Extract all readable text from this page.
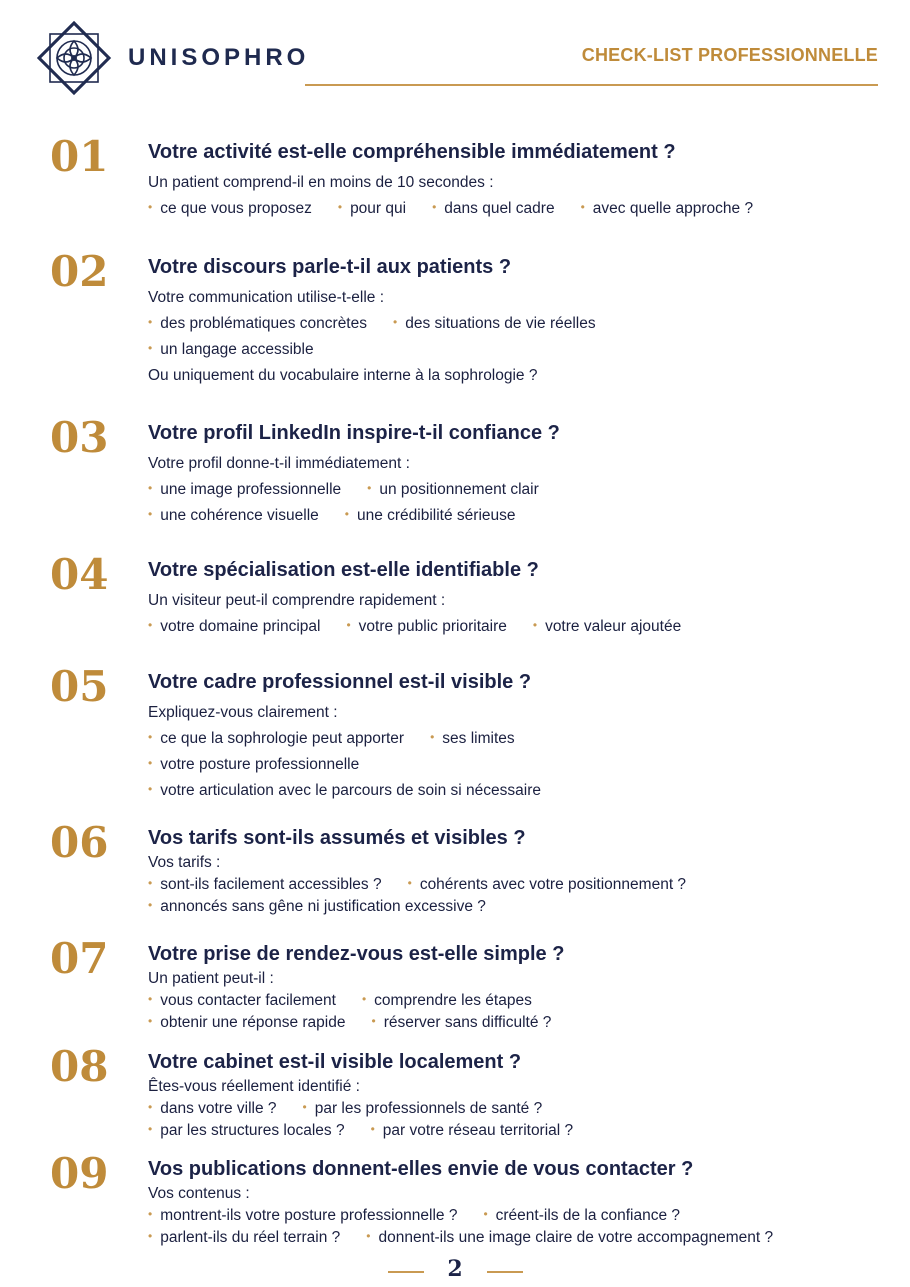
UNISOPHRO	CHECK-LIST PROFESSIONNELLE
01 Votre activité est-elle compréhensible immédiatement ?

Un patient comprend-il en moins de 10 secondes :

• ce que vous proposez • pour qui • dans quel cadre • avec quelle approche ?
02 Votre discours parle-t-il aux patients ?

Votre communication utilise-t-elle :

• des problématiques concrètes • des situations de vie réelles
• un langage accessible

Ou uniquement du vocabulaire interne à la sophrologie ?

03 Votre profil LinkedIn inspire-t-il confiance ?

Votre profil donne-t-il immédiatement :

• une image professionnelle • un positionnement clair
• une cohérence visuelle • une crédibilité sérieuse
04 Votre spécialisation est-elle identifiable ?

Un visiteur peut-il comprendre rapidement :

• votre domaine principal • votre public prioritaire • votre valeur ajoutée
05 Votre cadre professionnel est-il visible ?

Expliquez-vous clairement :

• ce que la sophrologie peut apporter • ses limites
• votre posture professionnelle
• votre articulation avec le parcours de soin si nécessaire
06 Vos tarifs sont-ils assumés et visibles ?

Vos tarifs :

• sont-ils facilement accessibles ? • cohérents avec votre positionnement ?
• annoncés sans gêne ni justification excessive ?
07 Votre prise de rendez-vous est-elle simple ?

Un patient peut-il :

• vous contacter facilement • comprendre les étapes
• obtenir une réponse rapide • réserver sans difficulté ?
08 Votre cabinet est-il visible localement ?

Êtes-vous réellement identifié :

• dans votre ville ? • par les professionnels de santé ?
• par les structures locales ? • par votre réseau territorial ?
09 Vos publications donnent-elles envie de vous contacter ?

Vos contenus :

• montrent-ils votre posture professionnelle ? • créent-ils de la confiance ?
• parlent-ils du réel terrain ? • donnent-ils une image claire de votre accompagnement ?
2
